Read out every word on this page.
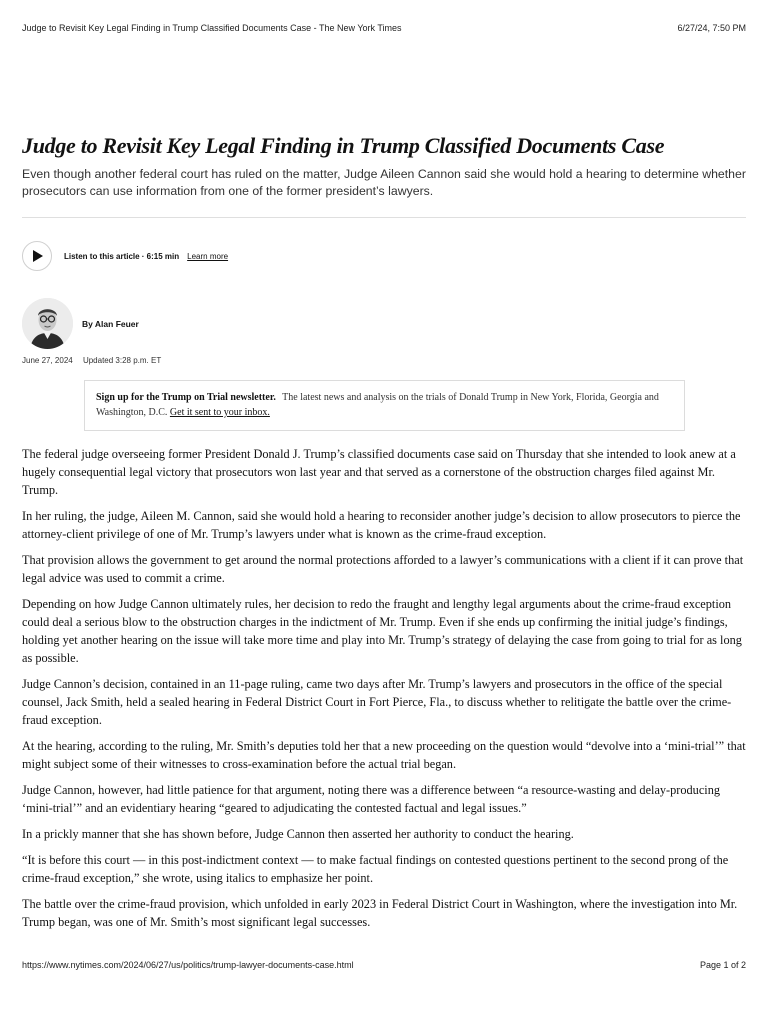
Judge to Revisit Key Legal Finding in Trump Classified Documents Case - The New York Times	6/27/24, 7:50 PM
Judge to Revisit Key Legal Finding in Trump Classified Documents Case

Even though another federal court has ruled on the matter, Judge Aileen Cannon said she would hold a hearing to determine whether prosecutors can use information from one of the former president’s lawyers.

Listen to this article · 6:15 min Learn more
By Alan Feuer
June 27, 2024 Updated 3:28 p.m. ET
Sign up for the Trump on Trial newsletter. The latest news and analysis on the trials of Donald Trump in New York, Florida, Georgia and Washington, D.C. Get it sent to your inbox.

The federal judge overseeing former President Donald J. Trump’s classified documents case said on Thursday that she intended to look anew at a hugely consequential legal victory that prosecutors won last year and that served as a cornerstone of the obstruction charges filed against Mr. Trump.

In her ruling, the judge, Aileen M. Cannon, said she would hold a hearing to reconsider another judge’s decision to allow prosecutors to pierce the attorney-client privilege of one of Mr. Trump’s lawyers under what is known as the crime-fraud exception.

That provision allows the government to get around the normal protections afforded to a lawyer’s communications with a client if it can prove that legal advice was used to commit a crime.

Depending on how Judge Cannon ultimately rules, her decision to redo the fraught and lengthy legal arguments about the crime-fraud exception could deal a serious blow to the obstruction charges in the indictment of Mr. Trump. Even if she ends up confirming the initial judge’s findings, holding yet another hearing on the issue will take more time and play into Mr. Trump’s strategy of delaying the case from going to trial for as long as possible.

Judge Cannon’s decision, contained in an 11-page ruling, came two days after Mr. Trump’s lawyers and prosecutors in the office of the special counsel, Jack Smith, held a sealed hearing in Federal District Court in Fort Pierce, Fla., to discuss whether to relitigate the battle over the crime-fraud exception.

At the hearing, according to the ruling, Mr. Smith’s deputies told her that a new proceeding on the question would “devolve into a ‘mini-trial’” that might subject some of their witnesses to cross-examination before the actual trial began.

Judge Cannon, however, had little patience for that argument, noting there was a difference between “a resource-wasting and delay-producing ‘mini-trial’” and an evidentiary hearing “geared to adjudicating the contested factual and legal issues.”

In a prickly manner that she has shown before, Judge Cannon then asserted her authority to conduct the hearing.

“It is before this court — in this post-indictment context — to make factual findings on contested questions pertinent to the second prong of the crime-fraud exception,” she wrote, using italics to emphasize her point.

The battle over the crime-fraud provision, which unfolded in early 2023 in Federal District Court in Washington, where the investigation into Mr. Trump began, was one of Mr. Smith’s most significant legal successes.

https://www.nytimes.com/2024/06/27/us/politics/trump-lawyer-documents-case.html	Page 1 of 2
